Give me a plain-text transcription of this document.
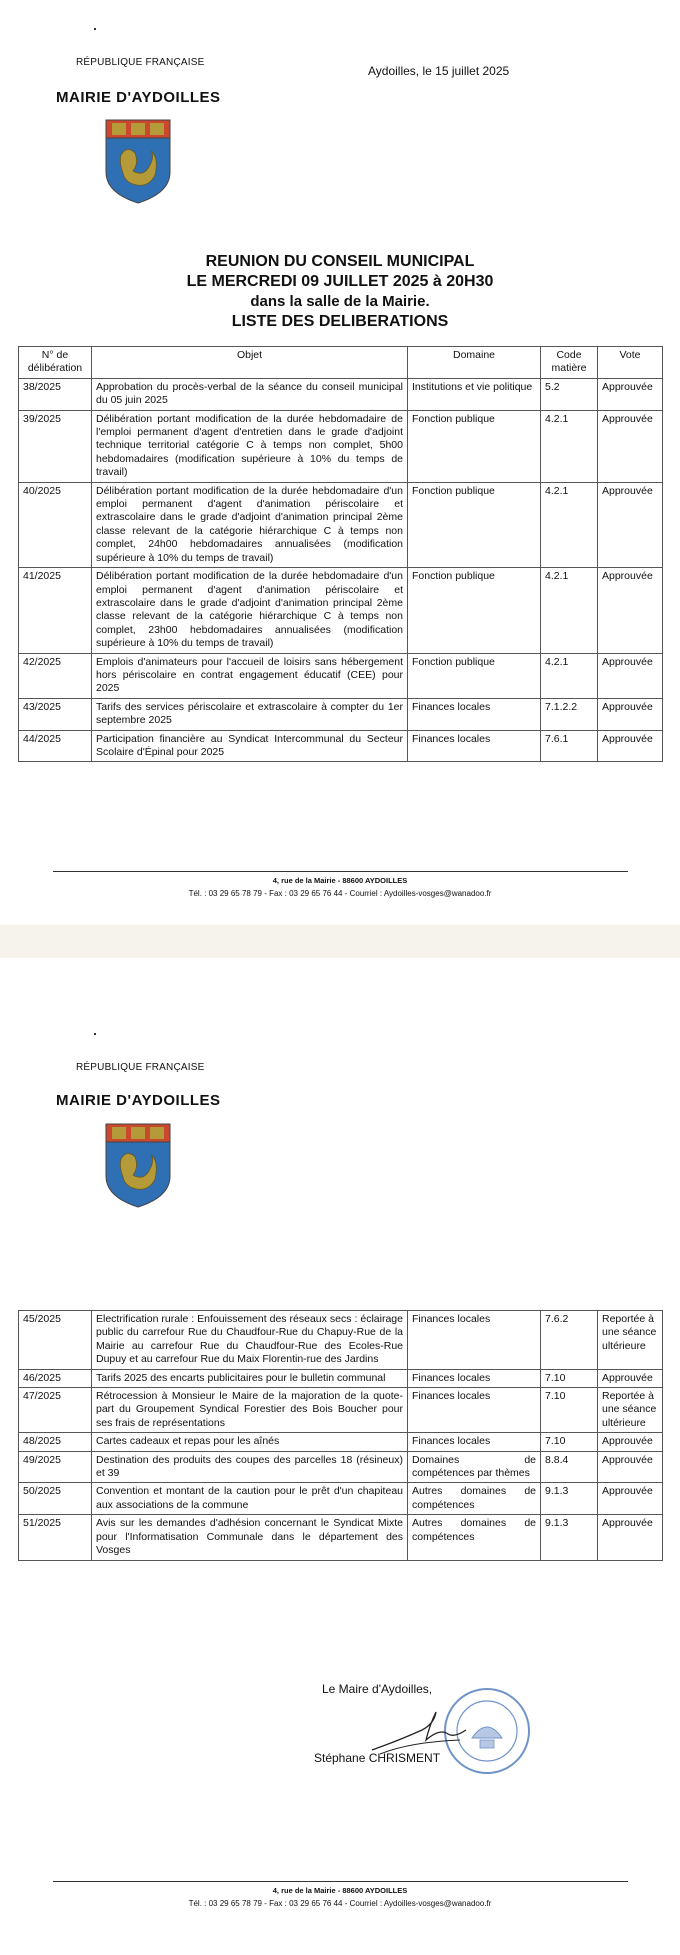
RÉPUBLIQUE FRANÇAISE
MAIRIE D'AYDOILLES
Aydoilles, le 15 juillet 2025
REUNION DU CONSEIL MUNICIPAL
LE MERCREDI 09 JUILLET 2025 à 20H30
dans la salle de la Mairie.
LISTE DES DELIBERATIONS
N° de délibération	Objet	Domaine	Code matière	Vote
38/2025	Approbation du procès-verbal de la séance du conseil municipal du 05 juin 2025	Institutions et vie politique	5.2	Approuvée
39/2025	Délibération portant modification de la durée hebdomadaire de l'emploi permanent d'agent d'entretien dans le grade d'adjoint technique territorial catégorie C à temps non complet, 5h00 hebdomadaires (modification supérieure à 10% du temps de travail)	Fonction publique	4.2.1	Approuvée
40/2025	Délibération portant modification de la durée hebdomadaire d'un emploi permanent d'agent d'animation périscolaire et extrascolaire dans le grade d'adjoint d'animation principal 2ème classe relevant de la catégorie hiérarchique C à temps non complet, 24h00 hebdomadaires annualisées (modification supérieure à 10% du temps de travail)	Fonction publique	4.2.1	Approuvée
41/2025	Délibération portant modification de la durée hebdomadaire d'un emploi permanent d'agent d'animation périscolaire et extrascolaire dans le grade d'adjoint d'animation principal 2ème classe relevant de la catégorie hiérarchique C à temps non complet, 23h00 hebdomadaires annualisées (modification supérieure à 10% du temps de travail)	Fonction publique	4.2.1	Approuvée
42/2025	Emplois d'animateurs pour l'accueil de loisirs sans hébergement hors périscolaire en contrat engagement éducatif (CEE) pour 2025	Fonction publique	4.2.1	Approuvée
43/2025	Tarifs des services périscolaire et extrascolaire à compter du 1er septembre 2025	Finances locales	7.1.2.2	Approuvée
44/2025	Participation financière au Syndicat Intercommunal du Secteur Scolaire d'Épinal pour 2025	Finances locales	7.6.1	Approuvée
4, rue de la Mairie - 88600 AYDOILLES
Tél. : 03 29 65 78 79 - Fax : 03 29 65 76 44 - Courriel : Aydoilles-vosges@wanadoo.fr
RÉPUBLIQUE FRANÇAISE
MAIRIE D'AYDOILLES
45/2025	Electrification rurale : Enfouissement des réseaux secs : éclairage public du carrefour Rue du Chaudfour-Rue du Chapuy-Rue de la Mairie au carrefour Rue du Chaudfour-Rue des Ecoles-Rue Dupuy et au carrefour Rue du Maix Florentin-rue des Jardins	Finances locales	7.6.2	Reportée à une séance ultérieure
46/2025	Tarifs 2025 des encarts publicitaires pour le bulletin communal	Finances locales	7.10	Approuvée
47/2025	Rétrocession à Monsieur le Maire de la majoration de la quote-part du Groupement Syndical Forestier des Bois Boucher pour ses frais de représentations	Finances locales	7.10	Reportée à une séance ultérieure
48/2025	Cartes cadeaux et repas pour les aînés	Finances locales	7.10	Approuvée
49/2025	Destination des produits des coupes des parcelles 18 (résineux) et 39	Domaines de compétences par thèmes	8.8.4	Approuvée
50/2025	Convention et montant de la caution pour le prêt d'un chapiteau aux associations de la commune	Autres domaines de compétences	9.1.3	Approuvée
51/2025	Avis sur les demandes d'adhésion concernant le Syndicat Mixte pour l'Informatisation Communale dans le département des Vosges	Autres domaines de compétences	9.1.3	Approuvée
Le Maire d'Aydoilles,
Stéphane CHRISMENT
4, rue de la Mairie - 88600 AYDOILLES
Tél. : 03 29 65 78 79 - Fax : 03 29 65 76 44 - Courriel : Aydoilles-vosges@wanadoo.fr
